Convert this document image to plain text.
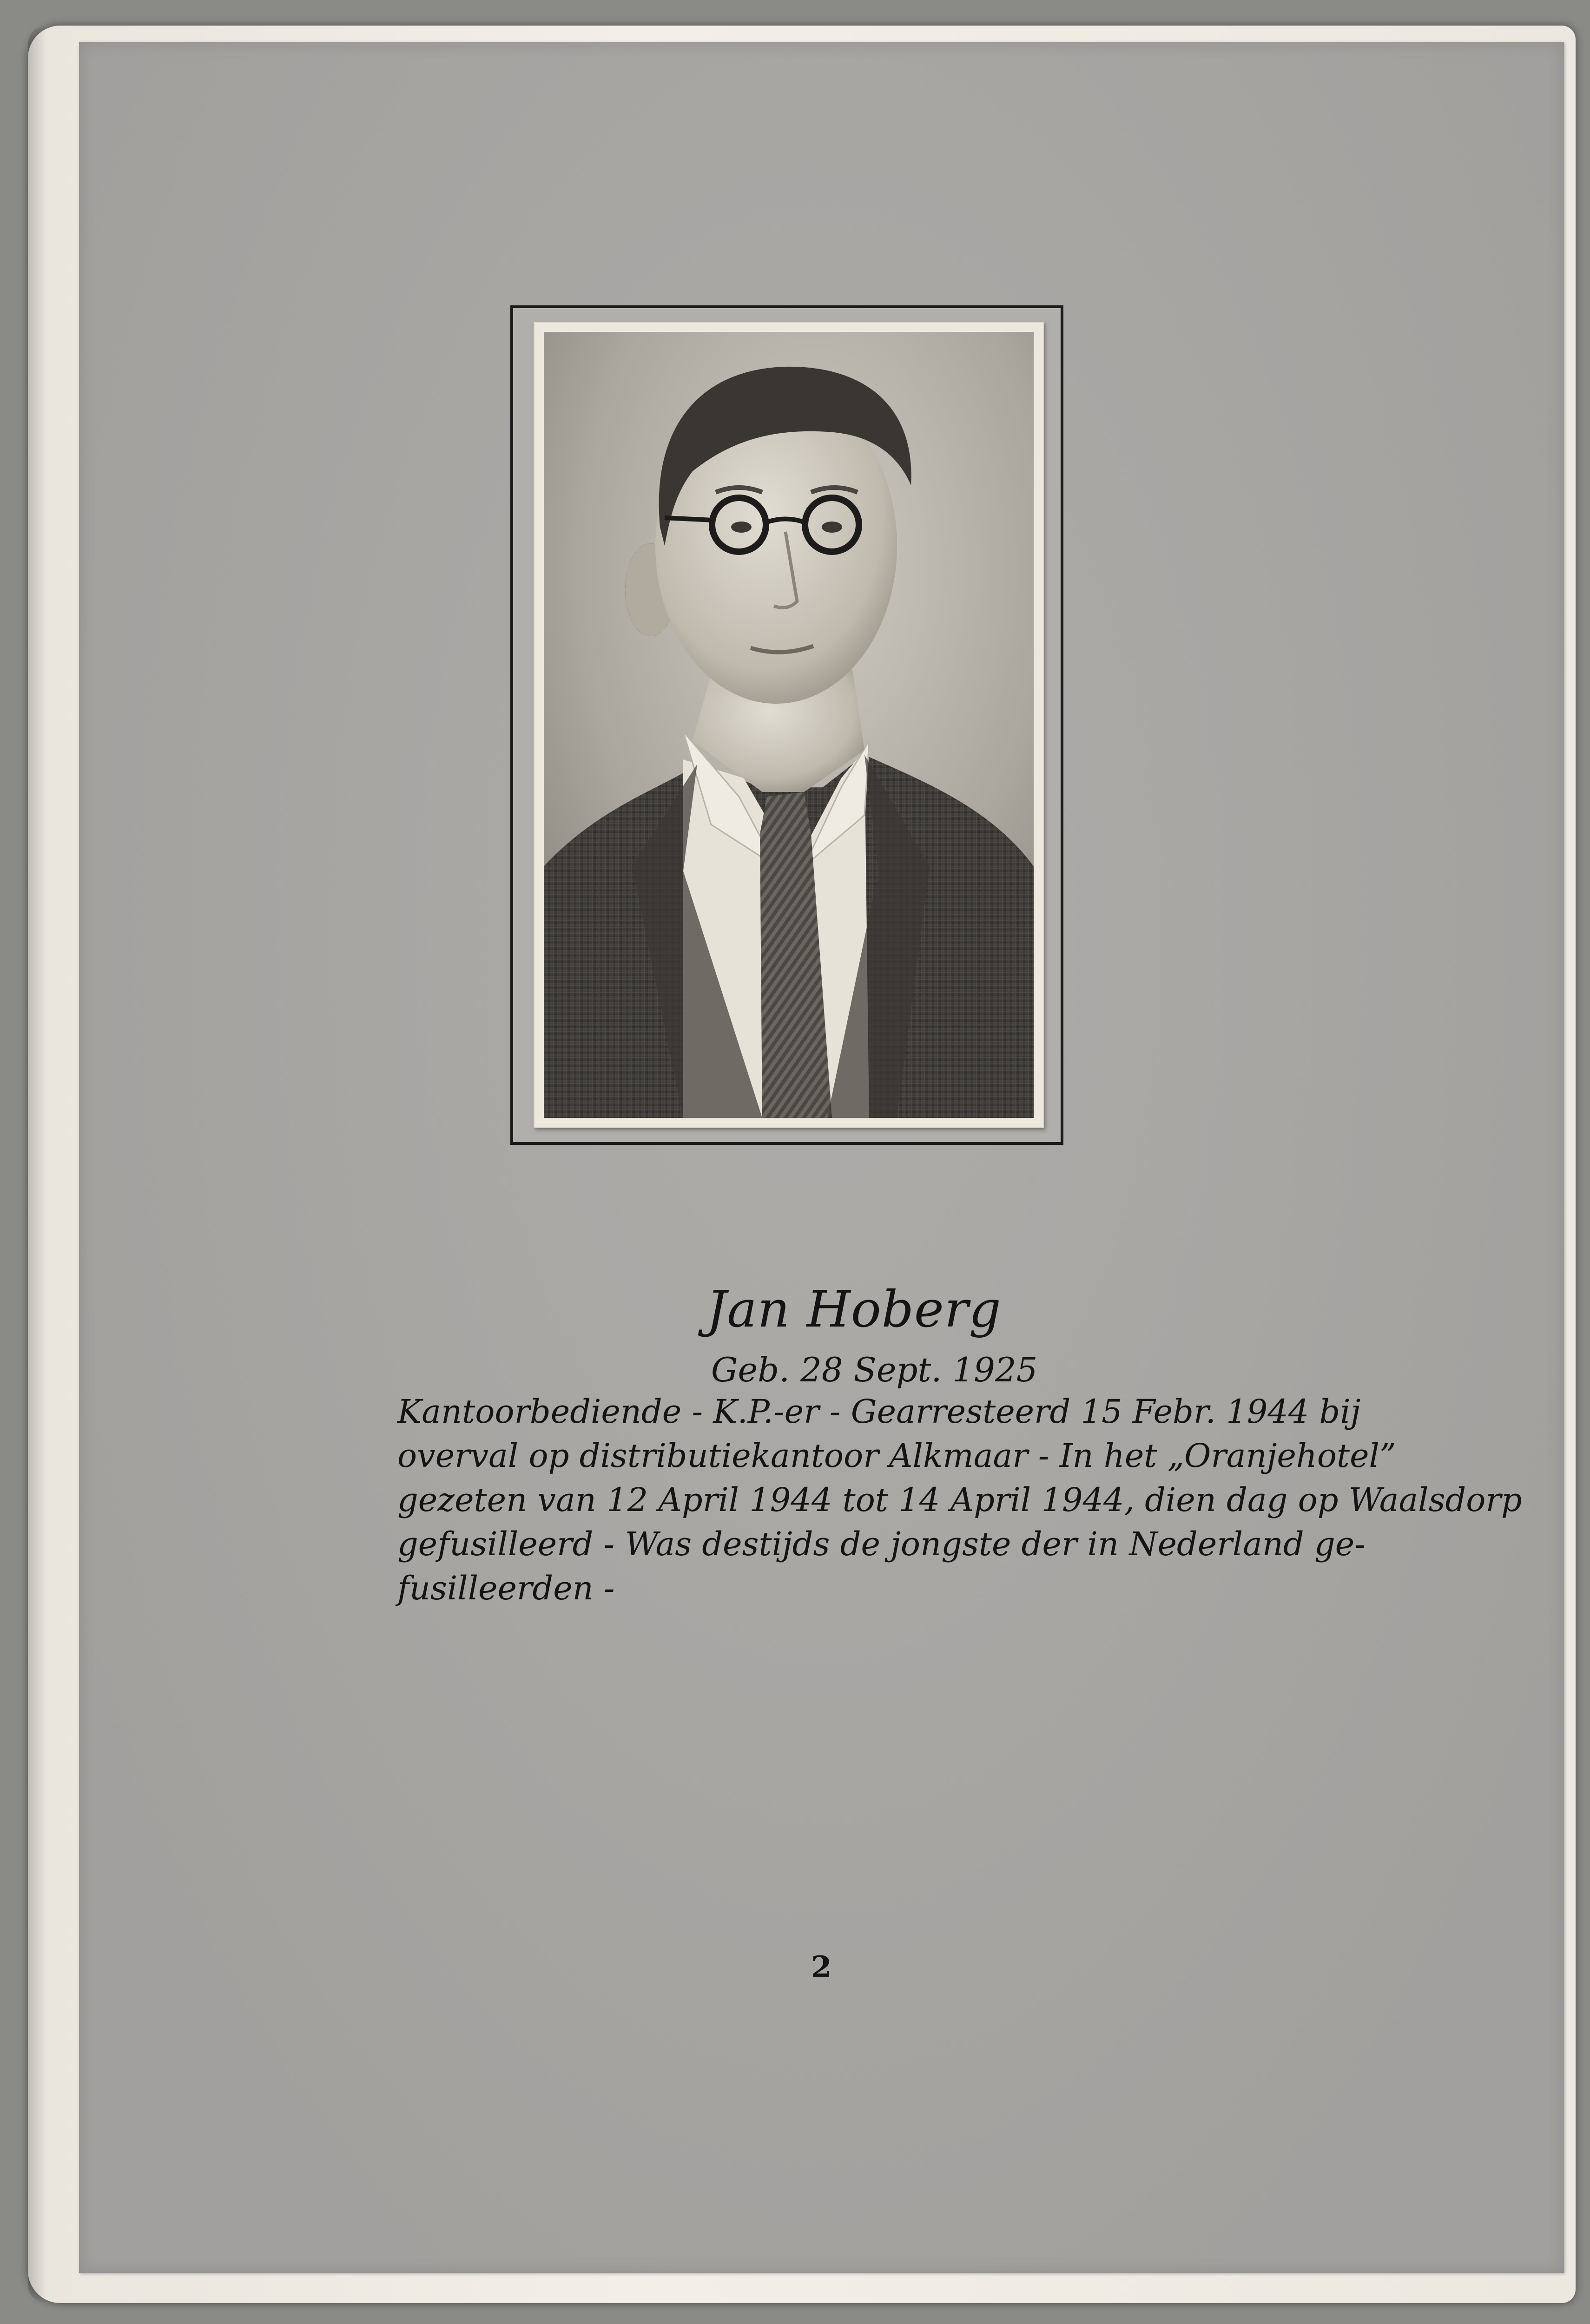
Jan Hoberg
Geb. 28 Sept. 1925
Kantoorbediende - K.P.-er - Gearresteerd 15 Febr. 1944 bij
overval op distributiekantoor Alkmaar - In het „Oranjehotel”
gezeten van 12 April 1944 tot 14 April 1944, dien dag op Waalsdorp
gefusilleerd - Was destijds de jongste der in Nederland ge-
fusilleerden -
2
